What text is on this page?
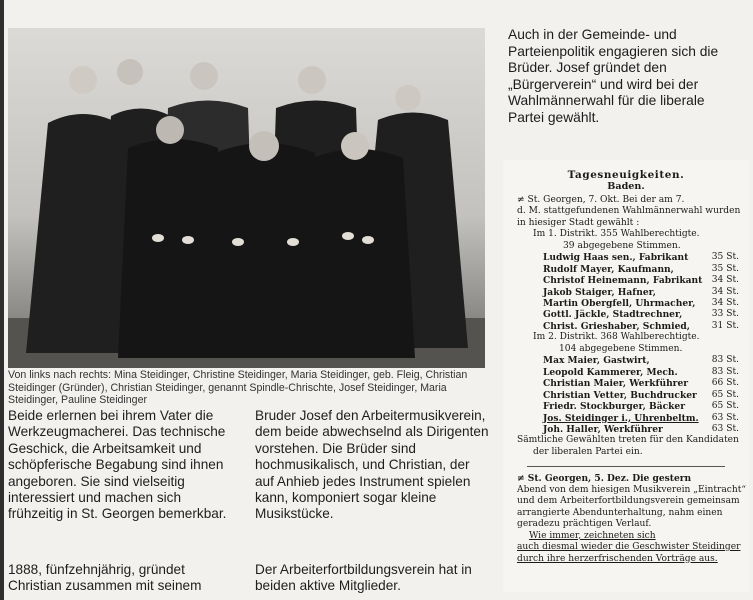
Von links nach rechts: Mina Steidinger, Christine Steidinger, Maria Steidinger, geb. Fleig, Christian Steidinger (Gründer), Christian Steidinger, genannt Spindle-Chrischte, Josef Steidinger, Maria Steidinger, Pauline Steidinger
Beide erlernen bei ihrem Vater die Werkzeugmacherei. Das technische Geschick, die Arbeitsamkeit und schöpferische Begabung sind ihnen angeboren. Sie sind vielseitig interessiert und machen sich frühzeitig in St. Georgen bemerkbar.
1888, fünfzehnjährig, gründet Christian zusammen mit seinem
Bruder Josef den Arbeitermusikverein, dem beide abwechselnd als Dirigenten vorstehen. Die Brüder sind hochmusikalisch, und Christian, der auf Anhieb jedes Instrument spielen kann, komponiert sogar kleine Musikstücke.
Der Arbeiterfortbildungsverein hat in beiden aktive Mitglieder.
Auch in der Gemeinde- und Parteienpolitik engagieren sich die Brüder. Josef gründet den „Bürgerverein“ und wird bei der Wahlmännerwahl für die liberale Partei gewählt.
Tagesneuigkeiten.
Baden.
≠ St. Georgen, 7. Okt. Bei der am 7.
d. M. stattgefundenen Wahlmännerwahl wurden
in hiesiger Stadt gewählt :
Im 1. Distrikt. 355 Wahlberechtigte.
39 abgegebene Stimmen.
Ludwig Haas sen., Fabrikant	35 St.
Rudolf Mayer, Kaufmann,	35 St.
Christof Heinemann, Fabrikant 34 St.
Jakob Staiger, Hafner,	34 St.
Martin Obergfell, Uhrmacher, 34 St.
Gottl. Jäckle, Stadtrechner,	33 St.
Christ. Grieshaber, Schmied, 31 St.
Im 2. Distrikt. 368 Wahlberechtigte.
104 abgegebene Stimmen.
Max Maier, Gastwirt,	83 St.
Leopold Kammerer, Mech.	83 St.
Christian Maier, Werkführer	66 St.
Christian Vetter, Buchdrucker 65 St.
Friedr. Stockburger, Bäcker	65 St.
Jos. Steidinger i., Uhrenbeltm. 63 St.
Joh. Haller, Werkführer	63 St.
Sämtliche Gewählten treten für den Kandidaten
der liberalen Partei ein.
≠ St. Georgen, 5. Dez. Die gestern
Abend von dem hiesigen Musikverein „Eintracht“
und dem Arbeiterfortbildungsverein gemeinsam
arrangierte Abendunterhaltung, nahm einen
geradezu prächtigen Verlauf.
Wie immer, zeichneten sich
auch diesmal wieder die Geschwister Steidinger
durch ihre herzerfrischenden Vorträge aus.
